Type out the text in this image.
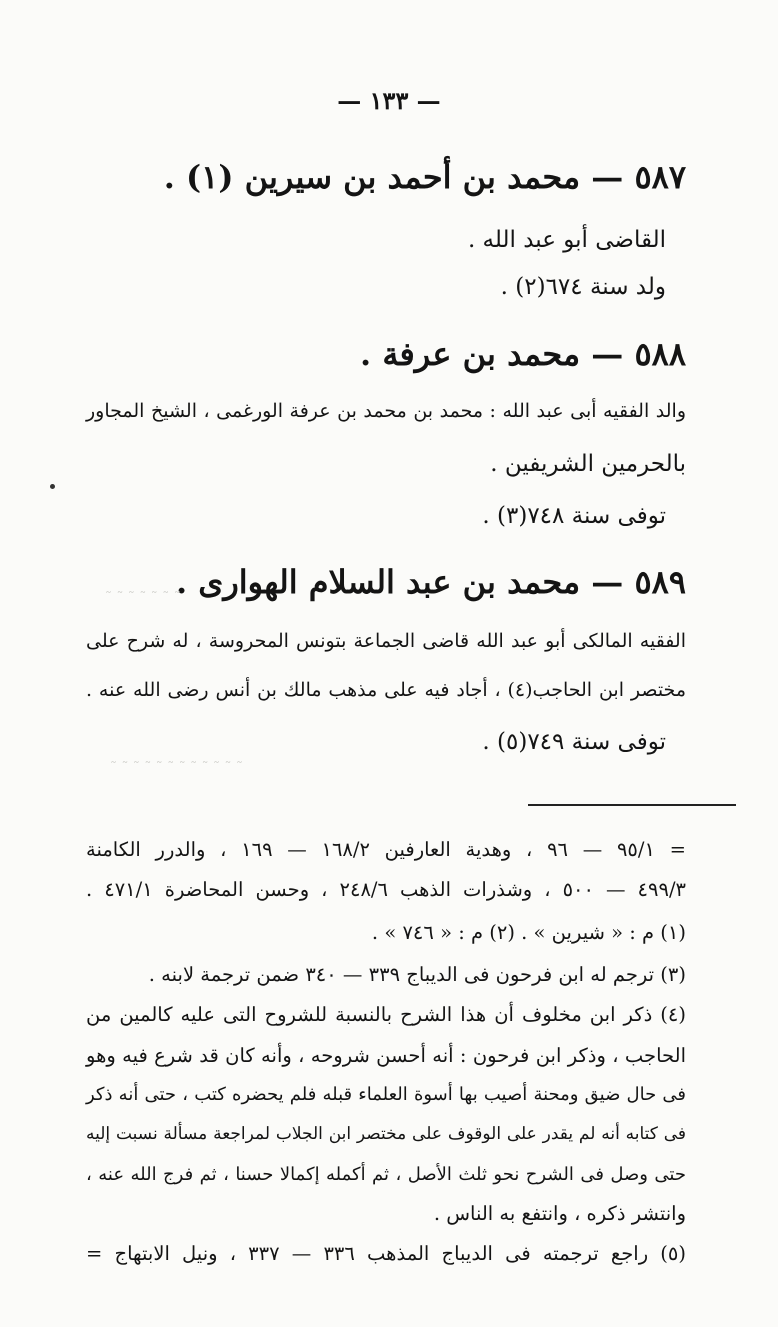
— ١٣٣ —
٥٨٧ — محمد بن أحمد بن سيرين (١) .
القاضى أبو عبد الله .
ولد سنة ٦٧٤(٢) .
٥٨٨ — محمد بن عرفة .
والد الفقيه أبى عبد الله : محمد بن محمد بن عرفة الورغمى ، الشيخ المجاور
بالحرمين الشريفين .
توفى سنة ٧٤٨(٣) .
٥٨٩ — محمد بن عبد السلام الهوارى .
الفقيه المالكى أبو عبد الله قاضى الجماعة بتونس المحروسة ، له شرح على
مختصر ابن الحاجب(٤) ، أجاد فيه على مذهب مالك بن أنس رضى الله عنه .
توفى سنة ٧٤٩(٥) .
˜ ˜ ˜ ˜ ˜ ˜ ˜ ˜ ˜ ˜ ˜ ˜
˜ ˜ ˜ ˜ ˜ ˜ ˜
= ٩٥/١ — ٩٦ ، وهدية العارفين ١٦٨/٢ — ١٦٩ ، والدرر الكامنة
٤٩٩/٣ — ٥٠٠ ، وشذرات الذهب ٢٤٨/٦ ، وحسن المحاضرة ٤٧١/١ .
(١) م : « شيرين » . (٢) م : « ٧٤٦ » .
(٣) ترجم له ابن فرحون فى الديباج ٣٣٩ — ٣٤٠ ضمن ترجمة لابنه .
(٤) ذكر ابن مخلوف أن هذا الشرح بالنسبة للشروح التى عليه كالمين من
الحاجب ، وذكر ابن فرحون : أنه أحسن شروحه ، وأنه كان قد شرع فيه وهو
فى حال ضيق ومحنة أصيب بها أسوة العلماء قبله فلم يحضره كتب ، حتى أنه ذكر
فى كتابه أنه لم يقدر على الوقوف على مختصر ابن الجلاب لمراجعة مسألة نسبت إليه
حتى وصل فى الشرح نحو ثلث الأصل ، ثم أكمله إكمالا حسنا ، ثم فرج الله عنه ،
وانتشر ذكره ، وانتفع به الناس .
(٥) راجع ترجمته فى الديباج المذهب ٣٣٦ — ٣٣٧ ، ونيل الابتهاج =
